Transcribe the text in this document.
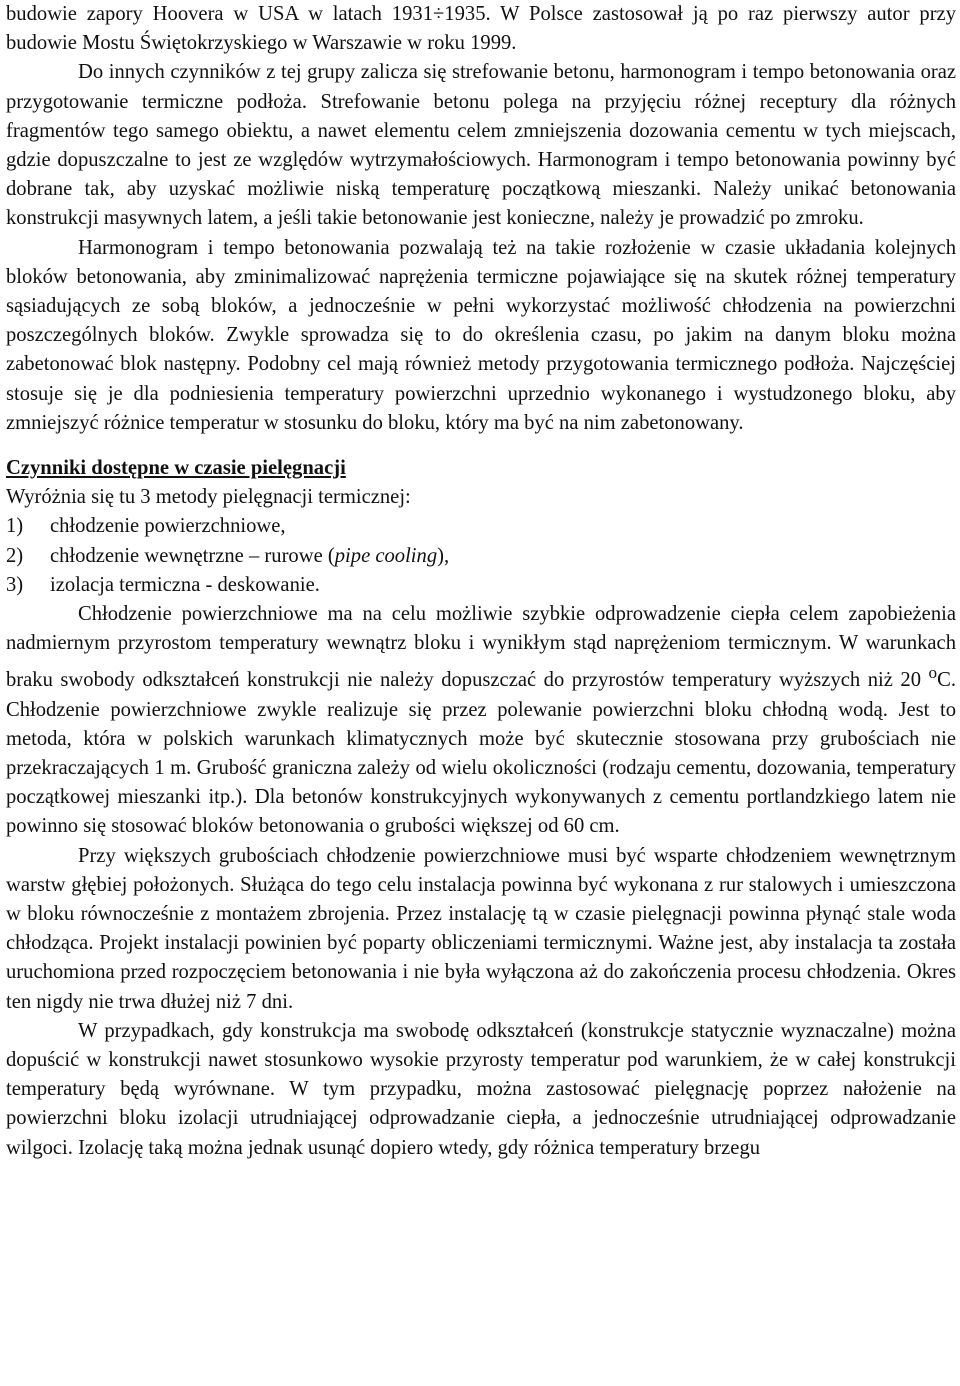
budowie zapory Hoovera w USA w latach 1931÷1935. W Polsce zastosował ją po raz pierwszy autor przy budowie Mostu Świętokrzyskiego w Warszawie w roku 1999.

Do innych czynników z tej grupy zalicza się strefowanie betonu, harmonogram i tempo betonowania oraz przygotowanie termiczne podłoża. Strefowanie betonu polega na przyjęciu różnej receptury dla różnych fragmentów tego samego obiektu, a nawet elementu celem zmniejszenia dozowania cementu w tych miejscach, gdzie dopuszczalne to jest ze względów wytrzymałościowych. Harmonogram i tempo betonowania powinny być dobrane tak, aby uzyskać możliwie niską temperaturę początkową mieszanki. Należy unikać betonowania konstrukcji masywnych latem, a jeśli takie betonowanie jest konieczne, należy je prowadzić po zmroku.

Harmonogram i tempo betonowania pozwalają też na takie rozłożenie w czasie układania kolejnych bloków betonowania, aby zminimalizować naprężenia termiczne pojawiające się na skutek różnej temperatury sąsiadujących ze sobą bloków, a jednocześnie w pełni wykorzystać możliwość chłodzenia na powierzchni poszczególnych bloków. Zwykle sprowadza się to do określenia czasu, po jakim na danym bloku można zabetonować blok następny. Podobny cel mają również metody przygotowania termicznego podłoża. Najczęściej stosuje się je dla podniesienia temperatury powierzchni uprzednio wykonanego i wystudzonego bloku, aby zmniejszyć różnice temperatur w stosunku do bloku, który ma być na nim zabetonowany.

Czynniki dostępne w czasie pielęgnacji

Wyróżnia się tu 3 metody pielęgnacji termicznej:

1) chłodzenie powierzchniowe,
2) chłodzenie wewnętrzne – rurowe (pipe cooling),
3) izolacja termiczna - deskowanie.

Chłodzenie powierzchniowe ma na celu możliwie szybkie odprowadzenie ciepła celem zapobieżenia nadmiernym przyrostom temperatury wewnątrz bloku i wynikłym stąd naprężeniom termicznym. W warunkach braku swobody odkształceń konstrukcji nie należy dopuszczać do przyrostów temperatury wyższych niż 20 $^o$C. Chłodzenie powierzchniowe zwykle realizuje się przez polewanie powierzchni bloku chłodną wodą. Jest to metoda, która w polskich warunkach klimatycznych może być skutecznie stosowana przy grubościach nie przekraczających 1 m. Grubość graniczna zależy od wielu okoliczności (rodzaju cementu, dozowania, temperatury początkowej mieszanki itp.). Dla betonów konstrukcyjnych wykonywanych z cementu portlandzkiego latem nie powinno się stosować bloków betonowania o grubości większej od 60 cm.

Przy większych grubościach chłodzenie powierzchniowe musi być wsparte chłodzeniem wewnętrznym warstw głębiej położonych. Służąca do tego celu instalacja powinna być wykonana z rur stalowych i umieszczona w bloku równocześnie z montażem zbrojenia. Przez instalację tą w czasie pielęgnacji powinna płynąć stale woda chłodząca. Projekt instalacji powinien być poparty obliczeniami termicznymi. Ważne jest, aby instalacja ta została uruchomiona przed rozpoczęciem betonowania i nie była wyłączona aż do zakończenia procesu chłodzenia. Okres ten nigdy nie trwa dłużej niż 7 dni.

W przypadkach, gdy konstrukcja ma swobodę odkształceń (konstrukcje statycznie wyznaczalne) można dopuścić w konstrukcji nawet stosunkowo wysokie przyrosty temperatur pod warunkiem, że w całej konstrukcji temperatury będą wyrównane. W tym przypadku, można zastosować pielęgnację poprzez nałożenie na powierzchni bloku izolacji utrudniającej odprowadzanie ciepła, a jednocześnie utrudniającej odprowadzanie wilgoci. Izolację taką można jednak usunąć dopiero wtedy, gdy różnica temperatury brzegu
